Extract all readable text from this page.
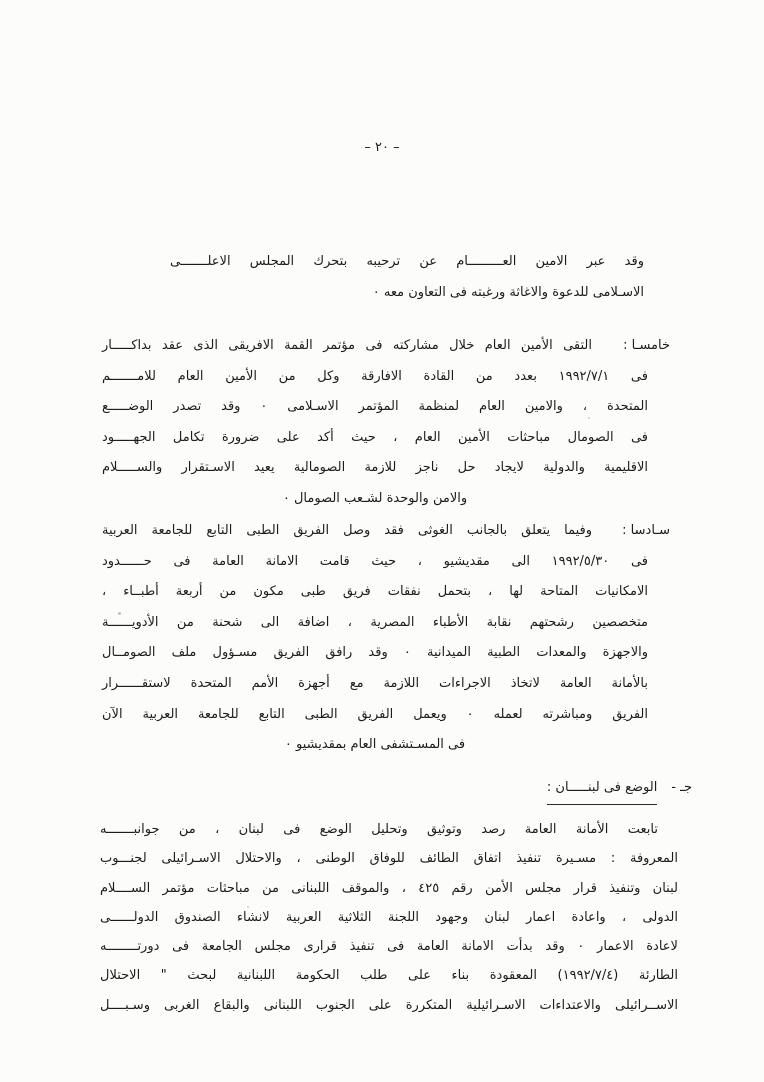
– ٢٠ –
وقد عبر الامين العـــــــــام عن ترحيبه بتحرك المجلس الاعلـــــــى
الاسـلامى للدعوة والاغاثة ورغبته فى التعاون معه ٠
خامسـا :
التقى الأمين العام خلال مشاركته فى مؤتمر القمة الافريقى الذى عقد بداكـــــار
فى ١٩٩٢/٧/١ بعدد من القادة الافارقة وكل من الأمين العام للامـــــــم
المتحدة ، والامين العام لمنظمة المؤتمر الاسـلامى ٠ وقد تصدر الوضـــــع
فى الصومال مباحثات الأمين العام ، حيث أكد على ضرورة تكامل الجهـــــود
الاقليمية والدولية لايجاد حل ناجز للازمة الصومالية يعيد الاسـتقرار والســـــلام
والامن والوحدة لشـعب الصومال ٠
سـادسا :
وفيما يتعلق بالجانب الغوثى فقد وصل الفريق الطبى التابع للجامعة العربية
فى ١٩٩٢/٥/٣٠ الى مقديشيو ، حيث قامت الامانة العامة فى حــــــدود
الامكانيات المتاحة لها ، بتحمل نفقات فريق طبى مكون من أربعة أطبــاء ،
متخصصين رشحتهم نقابة الأطباء المصرية ، اضافة الى شحنة من الأدويــــــة
والاجهزة والمعدات الطبية الميدانية ٠ وقد رافق الفريق مسـؤول ملف الصومــال
بالأمانة العامة لاتخاذ الاجراءات اللازمة مع أجهزة الأمم المتحدة لاستقــــــرار
الفريق ومباشرته لعمله ٠ ويعمل الفريق الطبى التابع للجامعة العربية الآن
فى المسـتشفى العام بمقديشيو ٠
جـ -
الوضع فى لبنـــــان :
تابعت الأمانة العامة رصد وتوثيق وتحليل الوضع فى لبنان ، من جوانبـــــــه
المعروفة : مسـيرة تنفيذ اتفاق الطائف للوفاق الوطنى ، والاحتلال الاسـرائيلى لجنـــوب
لبنان وتنفيذ قرار مجلس الأمن رقم ٤٢٥ ، والموقف اللبنانى من مباحثات مؤتمر الســــلام
الدولى ، واعادة اعمار لبنان وجهود اللجنة الثلاثية العربية لانشاء الصندوق الدولــــــى
لاعادة الاعمار ٠ وقد بدأت الامانة العامة فى تنفيذ قرارى مجلس الجامعة فى دورتــــــــه
الطارئة (١٩٩٢/٧/٤) المعقودة بناء على طلب الحكومة اللبنانية لبحث " الاحتلال
الاســرائيلى والاعتداءات الاسـرائيلية المتكررة على الجنوب اللبنانى والبقاع الغربى وسـبــــل
